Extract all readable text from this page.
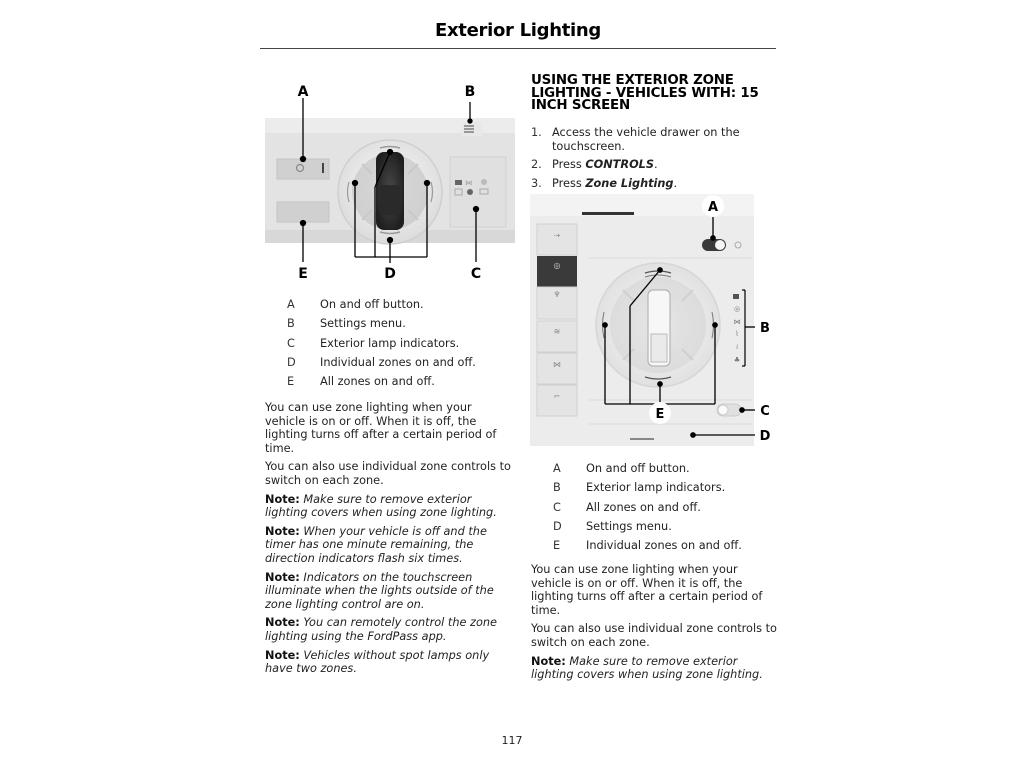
Exterior Lighting
⋈
A	B
C
D
E
A	On and off button.
B	Settings menu.
C	Exterior lamp indicators.
D	Individual zones on and off.
E	All zones on and off.

You can use zone lighting when your vehicle is on or off. When it is off, the lighting turns off after a certain period of time.

You can also use individual zone controls to switch on each zone.

Note: Make sure to remove exterior lighting covers when using zone lighting.

Note: When your vehicle is off and the timer has one minute remaining, the direction indicators flash six times.

Note: Indicators on the touchscreen illuminate when the lights outside of the zone lighting control are on.

Note: You can remotely control the zone lighting using the FordPass app.

Note: Vehicles without spot lamps only have two zones.

USING THE EXTERIOR ZONE LIGHTING - VEHICLES WITH: 15 INCH SCREEN
1. Access the vehicle drawer on the touchscreen.
2. Press CONTROLS.
3. Press Zone Lighting.
⇢
◎
♆
≋
⋈
⌐
◎
⋈
⌇
≀
♣
A
B
C
D
E
A	On and off button.
B	Exterior lamp indicators.
C	All zones on and off.
D	Settings menu.
E	Individual zones on and off.

You can use zone lighting when your vehicle is on or off. When it is off, the lighting turns off after a certain period of time.

You can also use individual zone controls to switch on each zone.

Note: Make sure to remove exterior lighting covers when using zone lighting.

117
